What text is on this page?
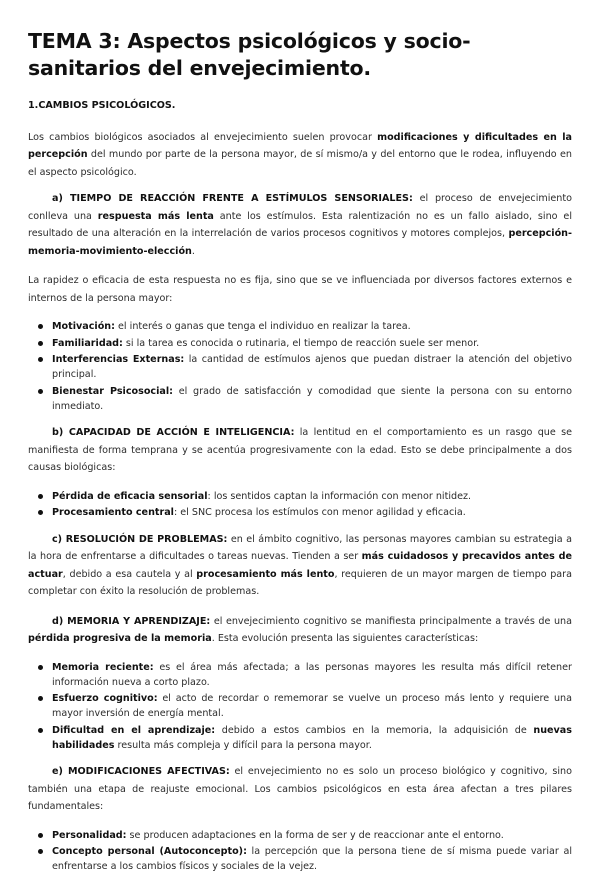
TEMA 3: Aspectos psicológicos y socio-sanitarios del envejecimiento.
1.CAMBIOS PSICOLÓGICOS.

Los cambios biológicos asociados al envejecimiento suelen provocar modificaciones y dificultades en la percepción del mundo por parte de la persona mayor, de sí mismo/a y del entorno que le rodea, influyendo en el aspecto psicológico.

a) TIEMPO DE REACCIÓN FRENTE A ESTÍMULOS SENSORIALES: el proceso de envejecimiento conlleva una respuesta más lenta ante los estímulos. Esta ralentización no es un fallo aislado, sino el resultado de una alteración en la interrelación de varios procesos cognitivos y motores complejos, percepción-memoria-movimiento-elección.

La rapidez o eficacia de esta respuesta no es fija, sino que se ve influenciada por diversos factores externos e internos de la persona mayor:

Motivación: el interés o ganas que tenga el individuo en realizar la tarea.
Familiaridad: si la tarea es conocida o rutinaria, el tiempo de reacción suele ser menor.
Interferencias Externas: la cantidad de estímulos ajenos que puedan distraer la atención del objetivo principal.
Bienestar Psicosocial: el grado de satisfacción y comodidad que siente la persona con su entorno inmediato.

b) CAPACIDAD DE ACCIÓN E INTELIGENCIA: la lentitud en el comportamiento es un rasgo que se manifiesta de forma temprana y se acentúa progresivamente con la edad. Esto se debe principalmente a dos causas biológicas:

Pérdida de eficacia sensorial: los sentidos captan la información con menor nitidez.
Procesamiento central: el SNC procesa los estímulos con menor agilidad y eficacia.

c) RESOLUCIÓN DE PROBLEMAS: en el ámbito cognitivo, las personas mayores cambian su estrategia a la hora de enfrentarse a dificultades o tareas nuevas. Tienden a ser más cuidadosos y precavidos antes de actuar, debido a esa cautela y al procesamiento más lento, requieren de un mayor margen de tiempo para completar con éxito la resolución de problemas.

d) MEMORIA Y APRENDIZAJE: el envejecimiento cognitivo se manifiesta principalmente a través de una pérdida progresiva de la memoria. Esta evolución presenta las siguientes características:

Memoria reciente: es el área más afectada; a las personas mayores les resulta más difícil retener información nueva a corto plazo.
Esfuerzo cognitivo: el acto de recordar o rememorar se vuelve un proceso más lento y requiere una mayor inversión de energía mental.
Dificultad en el aprendizaje: debido a estos cambios en la memoria, la adquisición de nuevas habilidades resulta más compleja y difícil para la persona mayor.

e) MODIFICACIONES AFECTIVAS: el envejecimiento no es solo un proceso biológico y cognitivo, sino también una etapa de reajuste emocional. Los cambios psicológicos en esta área afectan a tres pilares fundamentales:

Personalidad: se producen adaptaciones en la forma de ser y de reaccionar ante el entorno.
Concepto personal (Autoconcepto): la percepción que la persona tiene de sí misma puede variar al enfrentarse a los cambios físicos y sociales de la vejez.
